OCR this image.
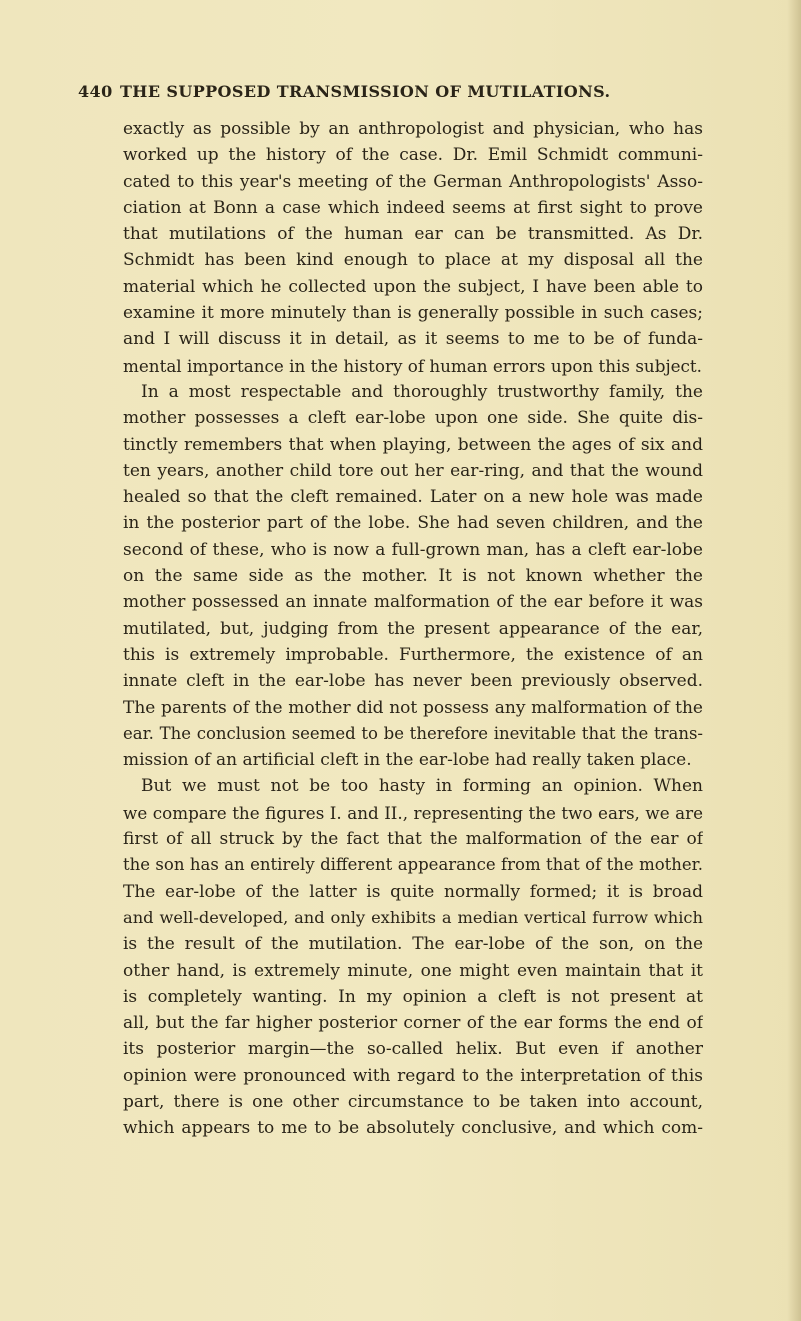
440 THE SUPPOSED TRANSMISSION OF MUTILATIONS.
exactly as possible by an anthropologist and physician, who has
worked up the history of the case. Dr. Emil Schmidt communi-
cated to this year's meeting of the German Anthropologists' Asso-
ciation at Bonn a case which indeed seems at first sight to prove
that mutilations of the human ear can be transmitted. As Dr.
Schmidt has been kind enough to place at my disposal all the
material which he collected upon the subject, I have been able to
examine it more minutely than is generally possible in such cases;
and I will discuss it in detail, as it seems to me to be of funda-
mental importance in the history of human errors upon this subject.
In a most respectable and thoroughly trustworthy family, the
mother possesses a cleft ear-lobe upon one side. She quite dis-
tinctly remembers that when playing, between the ages of six and
ten years, another child tore out her ear-ring, and that the wound
healed so that the cleft remained. Later on a new hole was made
in the posterior part of the lobe. She had seven children, and the
second of these, who is now a full-grown man, has a cleft ear-lobe
on the same side as the mother. It is not known whether the
mother possessed an innate malformation of the ear before it was
mutilated, but, judging from the present appearance of the ear,
this is extremely improbable. Furthermore, the existence of an
innate cleft in the ear-lobe has never been previously observed.
The parents of the mother did not possess any malformation of the
ear. The conclusion seemed to be therefore inevitable that the trans-
mission of an artificial cleft in the ear-lobe had really taken place.
But we must not be too hasty in forming an opinion. When
we compare the figures I. and II., representing the two ears, we are
first of all struck by the fact that the malformation of the ear of
the son has an entirely different appearance from that of the mother.
The ear-lobe of the latter is quite normally formed; it is broad
and well-developed, and only exhibits a median vertical furrow which
is the result of the mutilation. The ear-lobe of the son, on the
other hand, is extremely minute, one might even maintain that it
is completely wanting. In my opinion a cleft is not present at
all, but the far higher posterior corner of the ear forms the end of
its posterior margin—the so-called helix. But even if another
opinion were pronounced with regard to the interpretation of this
part, there is one other circumstance to be taken into account,
which appears to me to be absolutely conclusive, and which com-
